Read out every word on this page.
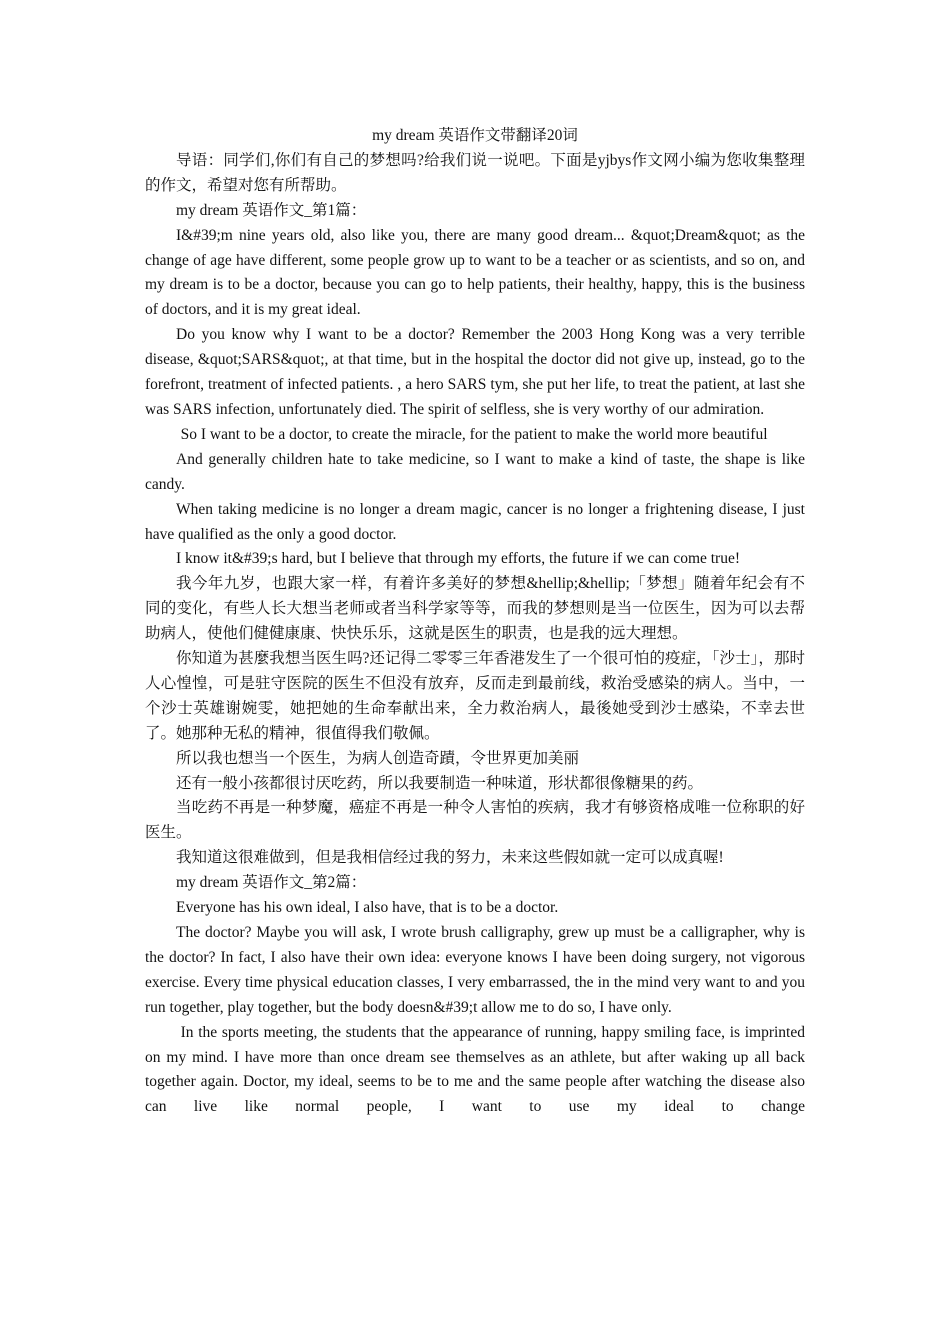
my dream 英语作文带翻译20词

导语：同学们,你们有自己的梦想吗?给我们说一说吧。下面是yjbys作文网小编为您收集整理的作文，希望对您有所帮助。

my dream 英语作文_第1篇：

I&#39;m nine years old, also like you, there are many good dream... &quot;Dream&quot; as the change of age have different, some people grow up to want to be a teacher or as scientists, and so on, and my dream is to be a doctor, because you can go to help patients, their healthy, happy, this is the business of doctors, and it is my great ideal.

Do you know why I want to be a doctor? Remember the 2003 Hong Kong was a very terrible disease, &quot;SARS&quot;, at that time, but in the hospital the doctor did not give up, instead, go to the forefront, treatment of infected patients. , a hero SARS tym, she put her life, to treat the patient, at last she was SARS infection, unfortunately died. The spirit of selfless, she is very worthy of our admiration.

So I want to be a doctor, to create the miracle, for the patient to make the world more beautiful

And generally children hate to take medicine, so I want to make a kind of taste, the shape is like candy.

When taking medicine is no longer a dream magic, cancer is no longer a frightening disease, I just have qualified as the only a good doctor.

I know it&#39;s hard, but I believe that through my efforts, the future if we can come true!

我今年九岁，也跟大家一样，有着许多美好的梦想&hellip;&hellip;「梦想」随着年纪会有不同的变化，有些人长大想当老师或者当科学家等等，而我的梦想则是当一位医生，因为可以去帮助病人，使他们健健康康、快快乐乐，这就是医生的职责，也是我的远大理想。

你知道为甚麼我想当医生吗?还记得二零零三年香港发生了一个很可怕的疫症，「沙士」，那时人心惶惶，可是驻守医院的医生不但没有放弃，反而走到最前线，救治受感染的病人。当中，一个沙士英雄谢婉雯，她把她的生命奉献出来，全力救治病人，最後她受到沙士感染，不幸去世了。她那种无私的精神，很值得我们敬佩。

所以我也想当一个医生，为病人创造奇蹟，令世界更加美丽

还有一般小孩都很讨厌吃药，所以我要制造一种味道，形状都很像糖果的药。

当吃药不再是一种梦魔，癌症不再是一种令人害怕的疾病，我才有够资格成唯一位称职的好医生。

我知道这很难做到，但是我相信经过我的努力，未来这些假如就一定可以成真喔!

my dream 英语作文_第2篇：

Everyone has his own ideal, I also have, that is to be a doctor.

The doctor? Maybe you will ask, I wrote brush calligraphy, grew up must be a calligrapher, why is the doctor? In fact, I also have their own idea: everyone knows I have been doing surgery, not vigorous exercise. Every time physical education classes, I very embarrassed, the in the mind very want to and you run together, play together, but the body doesn&#39;t allow me to do so, I have only.

In the sports meeting, the students that the appearance of running, happy smiling face, is imprinted on my mind. I have more than once dream see themselves as an athlete, but after waking up all back together again. Doctor, my ideal, seems to be to me and the same people after watching the disease also can live like normal people, I want to use my ideal to change
